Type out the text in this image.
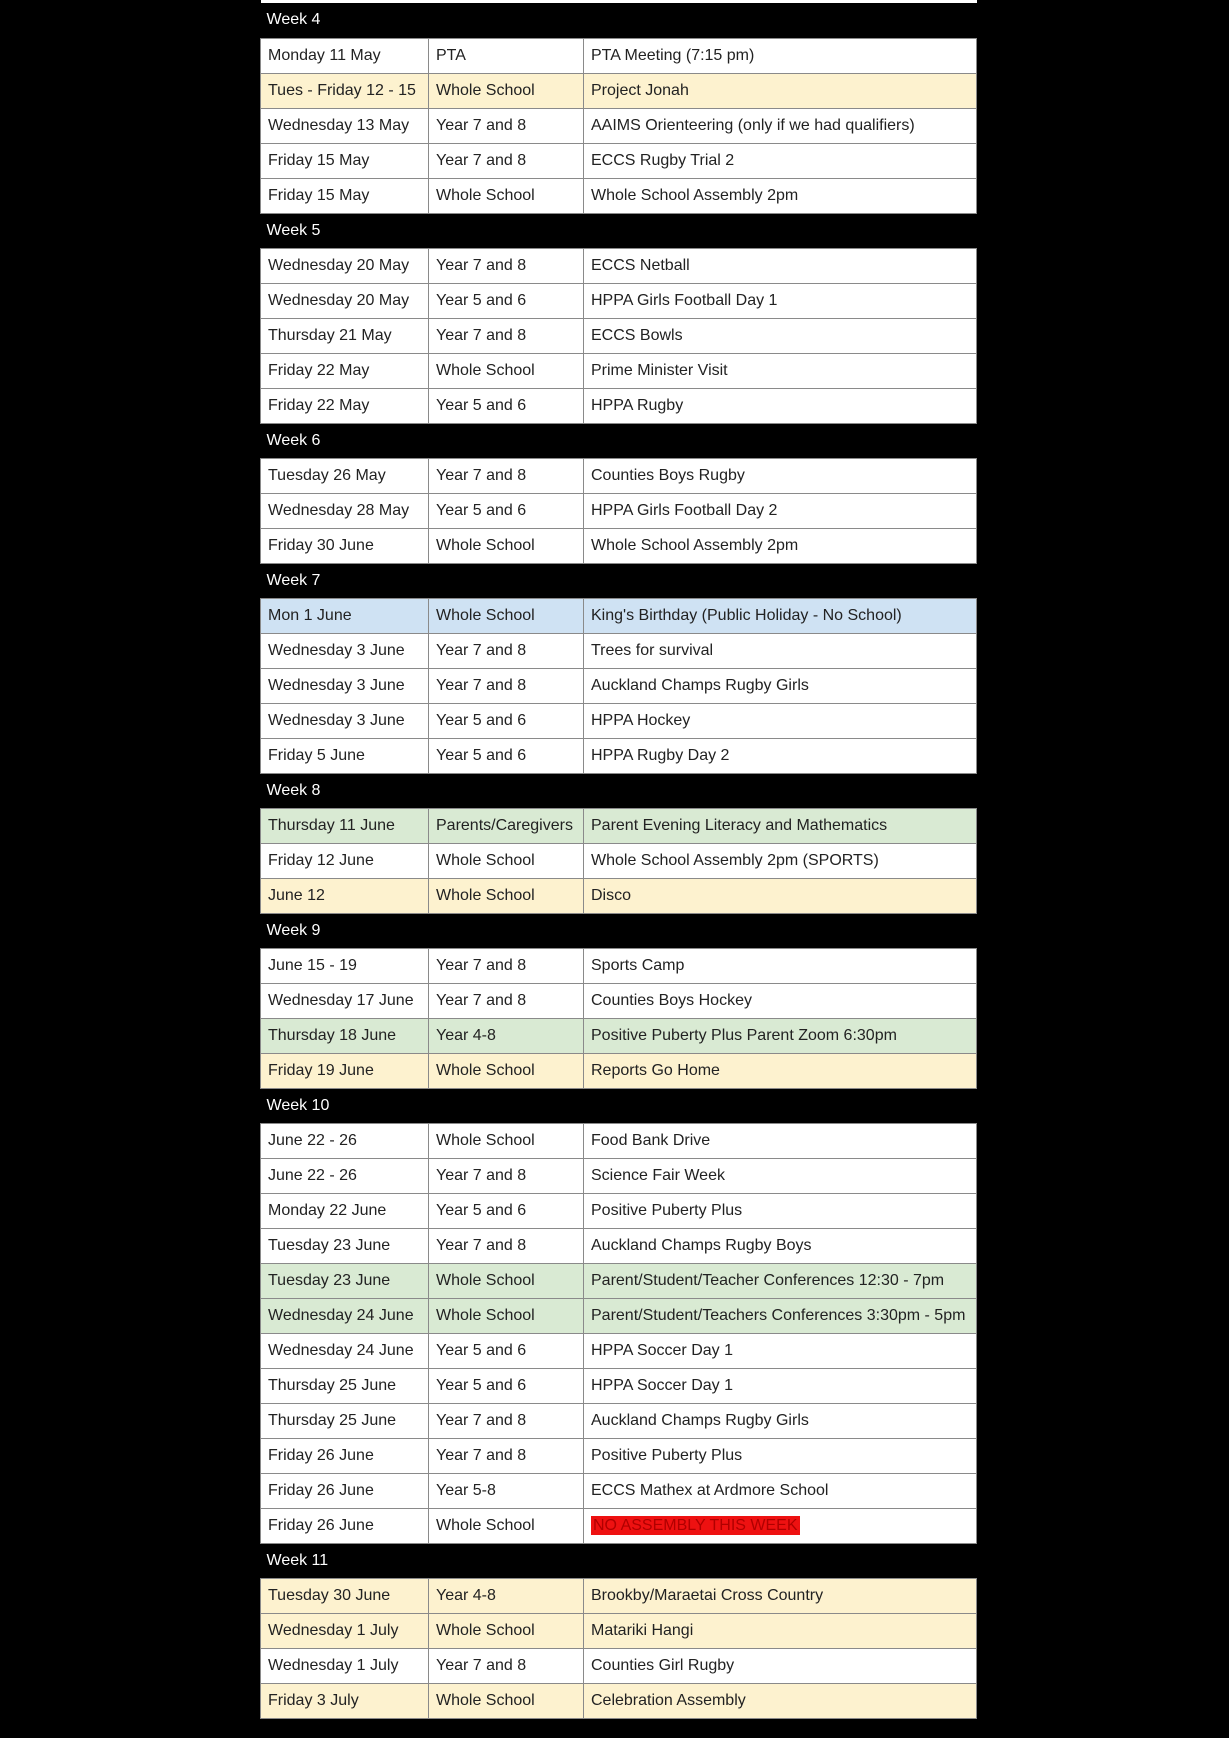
Week 4		
Monday 11 May	PTA	PTA Meeting (7:15 pm)
Tues - Friday 12 - 15	Whole School	Project Jonah
Wednesday 13 May	Year 7 and 8	AAIMS Orienteering (only if we had qualifiers)
Friday 15 May	Year 7 and 8	ECCS Rugby Trial 2
Friday 15 May	Whole School	Whole School Assembly 2pm
Week 5		
Wednesday 20 May	Year 7 and 8	ECCS Netball
Wednesday 20 May	Year 5 and 6	HPPA Girls Football Day 1
Thursday 21 May	Year 7 and 8	ECCS Bowls
Friday 22 May	Whole School	Prime Minister Visit
Friday 22 May	Year 5 and 6	HPPA Rugby
Week 6		
Tuesday 26 May	Year 7 and 8	Counties Boys Rugby
Wednesday 28 May	Year 5 and 6	HPPA Girls Football Day 2
Friday 30 June	Whole School	Whole School Assembly 2pm
Week 7		
Mon 1 June	Whole School	King's Birthday (Public Holiday - No School)
Wednesday 3 June	Year 7 and 8	Trees for survival
Wednesday 3 June	Year 7 and 8	Auckland Champs Rugby Girls
Wednesday 3 June	Year 5 and 6	HPPA Hockey
Friday 5 June	Year 5 and 6	HPPA Rugby Day 2
Week 8		
Thursday 11 June	Parents/Caregivers	Parent Evening Literacy and Mathematics
Friday 12 June	Whole School	Whole School Assembly 2pm (SPORTS)
June 12	Whole School	Disco
Week 9		
June 15 - 19	Year 7 and 8	Sports Camp
Wednesday 17 June	Year 7 and 8	Counties Boys Hockey
Thursday 18 June	Year 4-8	Positive Puberty Plus Parent Zoom 6:30pm
Friday 19 June	Whole School	Reports Go Home
Week 10		
June 22 - 26	Whole School	Food Bank Drive
June 22 - 26	Year 7 and 8	Science Fair Week
Monday 22 June	Year 5 and 6	Positive Puberty Plus
Tuesday 23 June	Year 7 and 8	Auckland Champs Rugby Boys
Tuesday 23 June	Whole School	Parent/Student/Teacher Conferences 12:30 - 7pm
Wednesday 24 June	Whole School	Parent/Student/Teachers Conferences 3:30pm - 5pm
Wednesday 24 June	Year 5 and 6	HPPA Soccer Day 1
Thursday 25 June	Year 5 and 6	HPPA Soccer Day 1
Thursday 25 June	Year 7 and 8	Auckland Champs Rugby Girls
Friday 26 June	Year 7 and 8	Positive Puberty Plus
Friday 26 June	Year 5-8	ECCS Mathex at Ardmore School
Friday 26 June	Whole School	NO ASSEMBLY THIS WEEK
Week 11		
Tuesday 30 June	Year 4-8	Brookby/Maraetai Cross Country
Wednesday 1 July	Whole School	Matariki Hangi
Wednesday 1 July	Year 7 and 8	Counties Girl Rugby
Friday 3 July	Whole School	Celebration Assembly
